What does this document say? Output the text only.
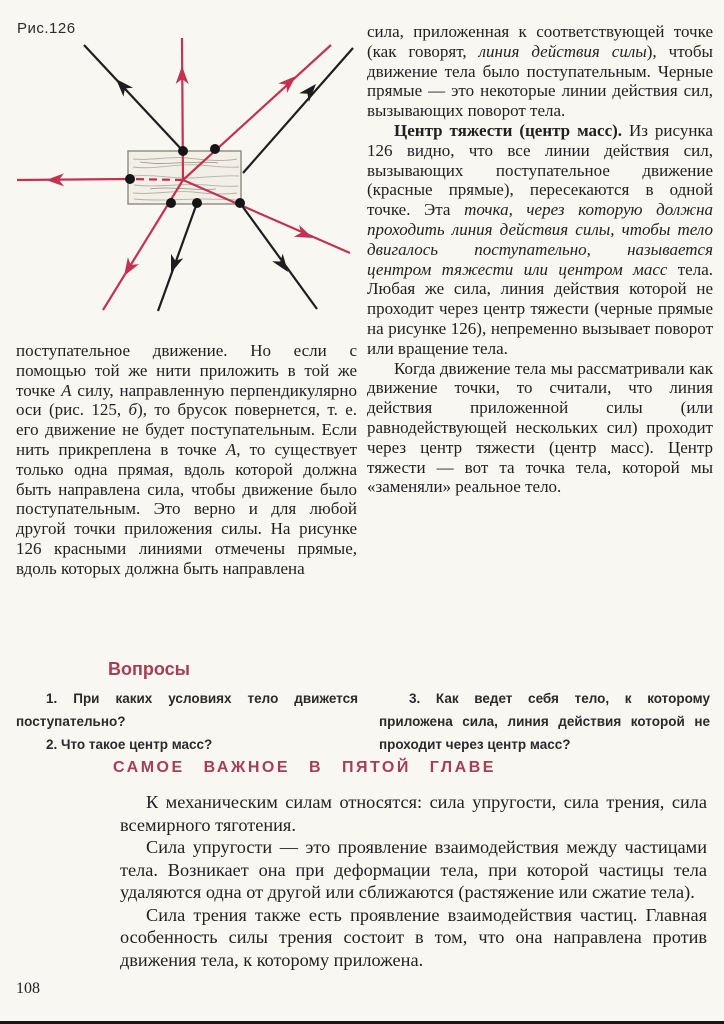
Рис.126

поступательное движение. Но если с помощью той же нити приложить в той же точке А силу, направленную перпендикулярно оси (рис. 125, б), то брусок повернется, т. е. его движение не будет поступательным. Если нить прикреплена в точке А, то существует только одна прямая, вдоль которой должна быть направлена сила, чтобы движение было поступательным. Это верно и для любой другой точки приложения силы. На рисунке 126 красными линиями отмечены прямые, вдоль которых должна быть направлена

сила, приложенная к соответствующей точке (как говорят, линия действия силы), чтобы движение тела было поступательным. Черные прямые — это некоторые линии действия сил, вызывающих поворот тела.

Центр тяжести (центр масс). Из рисунка 126 видно, что все линии действия сил, вызывающих поступательное движение (красные прямые), пересекаются в одной точке. Эта точка, через которую должна проходить линия действия силы, чтобы тело двигалось поступательно, называется центром тяжести или центром масс тела. Любая же сила, линия действия которой не проходит через центр тяжести (черные прямые на рисунке 126), непременно вызывает поворот или вращение тела.

Когда движение тела мы рассматривали как движение точки, то считали, что линия действия приложенной силы (или равнодействующей нескольких сил) проходит через центр тяжести (центр масс). Центр тяжести — вот та точка тела, которой мы «заменяли» реальное тело.

Вопросы

1. При каких условиях тело движется поступательно?

2. Что такое центр масс?

3. Как ведет себя тело, к которому приложена сила, линия действия которой не проходит через центр масс?

САМОЕ ВАЖНОЕ В ПЯТОЙ ГЛАВЕ

К механическим силам относятся: сила упругости, сила трения, сила всемирного тяготения.

Сила упругости — это проявление взаимодействия между частицами тела. Возникает она при деформации тела, при которой частицы тела удаляются одна от другой или сближаются (растяжение или сжатие тела).

Сила трения также есть проявление взаимодействия частиц. Главная особенность силы трения состоит в том, что она направлена против движения тела, к которому приложена.

108
